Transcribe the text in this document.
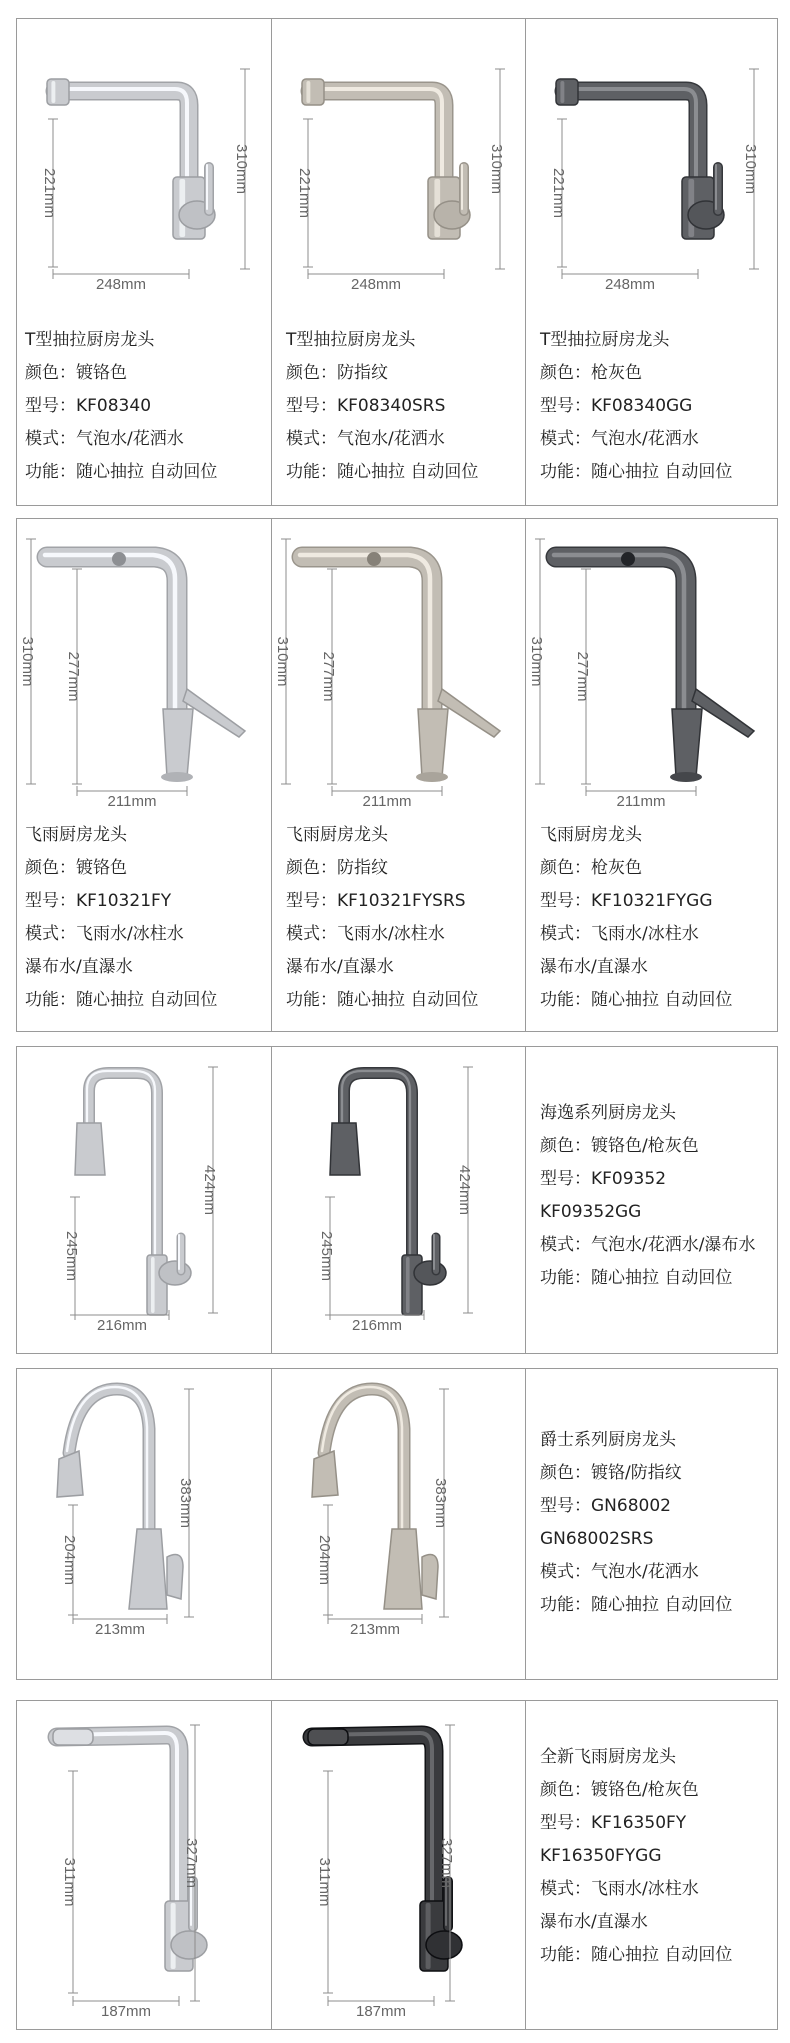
310mm
221mm
248mm
T型抽拉厨房龙头
颜色：镀铬色
型号：KF08340
模式：气泡水/花洒水
功能：随心抽拉 自动回位
310mm
221mm
248mm
T型抽拉厨房龙头
颜色：防指纹
型号：KF08340SRS
模式：气泡水/花洒水
功能：随心抽拉 自动回位
310mm
221mm
248mm
T型抽拉厨房龙头
颜色：枪灰色
型号：KF08340GG
模式：气泡水/花洒水
功能：随心抽拉 自动回位
310mm 277mm
211mm
飞雨厨房龙头
颜色：镀铬色
型号：KF10321FY
模式：飞雨水/冰柱水
瀑布水/直瀑水
功能：随心抽拉 自动回位
310mm 277mm
211mm
飞雨厨房龙头
颜色：防指纹
型号：KF10321FYSRS
模式：飞雨水/冰柱水
瀑布水/直瀑水
功能：随心抽拉 自动回位
310mm 277mm
211mm
飞雨厨房龙头
颜色：枪灰色
型号：KF10321FYGG
模式：飞雨水/冰柱水
瀑布水/直瀑水
功能：随心抽拉 自动回位
424mm
245mm
216mm
424mm
245mm
216mm
海逸系列厨房龙头
颜色：镀铬色/枪灰色
型号：KF09352
KF09352GG
模式：气泡水/花洒水/瀑布水
功能：随心抽拉 自动回位
383mm
204mm
213mm
383mm
204mm
213mm
爵士系列厨房龙头
颜色：镀铬/防指纹
型号：GN68002
GN68002SRS
模式：气泡水/花洒水
功能：随心抽拉 自动回位
327mm
311mm
187mm
327mm
311mm
187mm
全新飞雨厨房龙头
颜色：镀铬色/枪灰色
型号：KF16350FY
KF16350FYGG
模式：飞雨水/冰柱水
瀑布水/直瀑水
功能：随心抽拉 自动回位
